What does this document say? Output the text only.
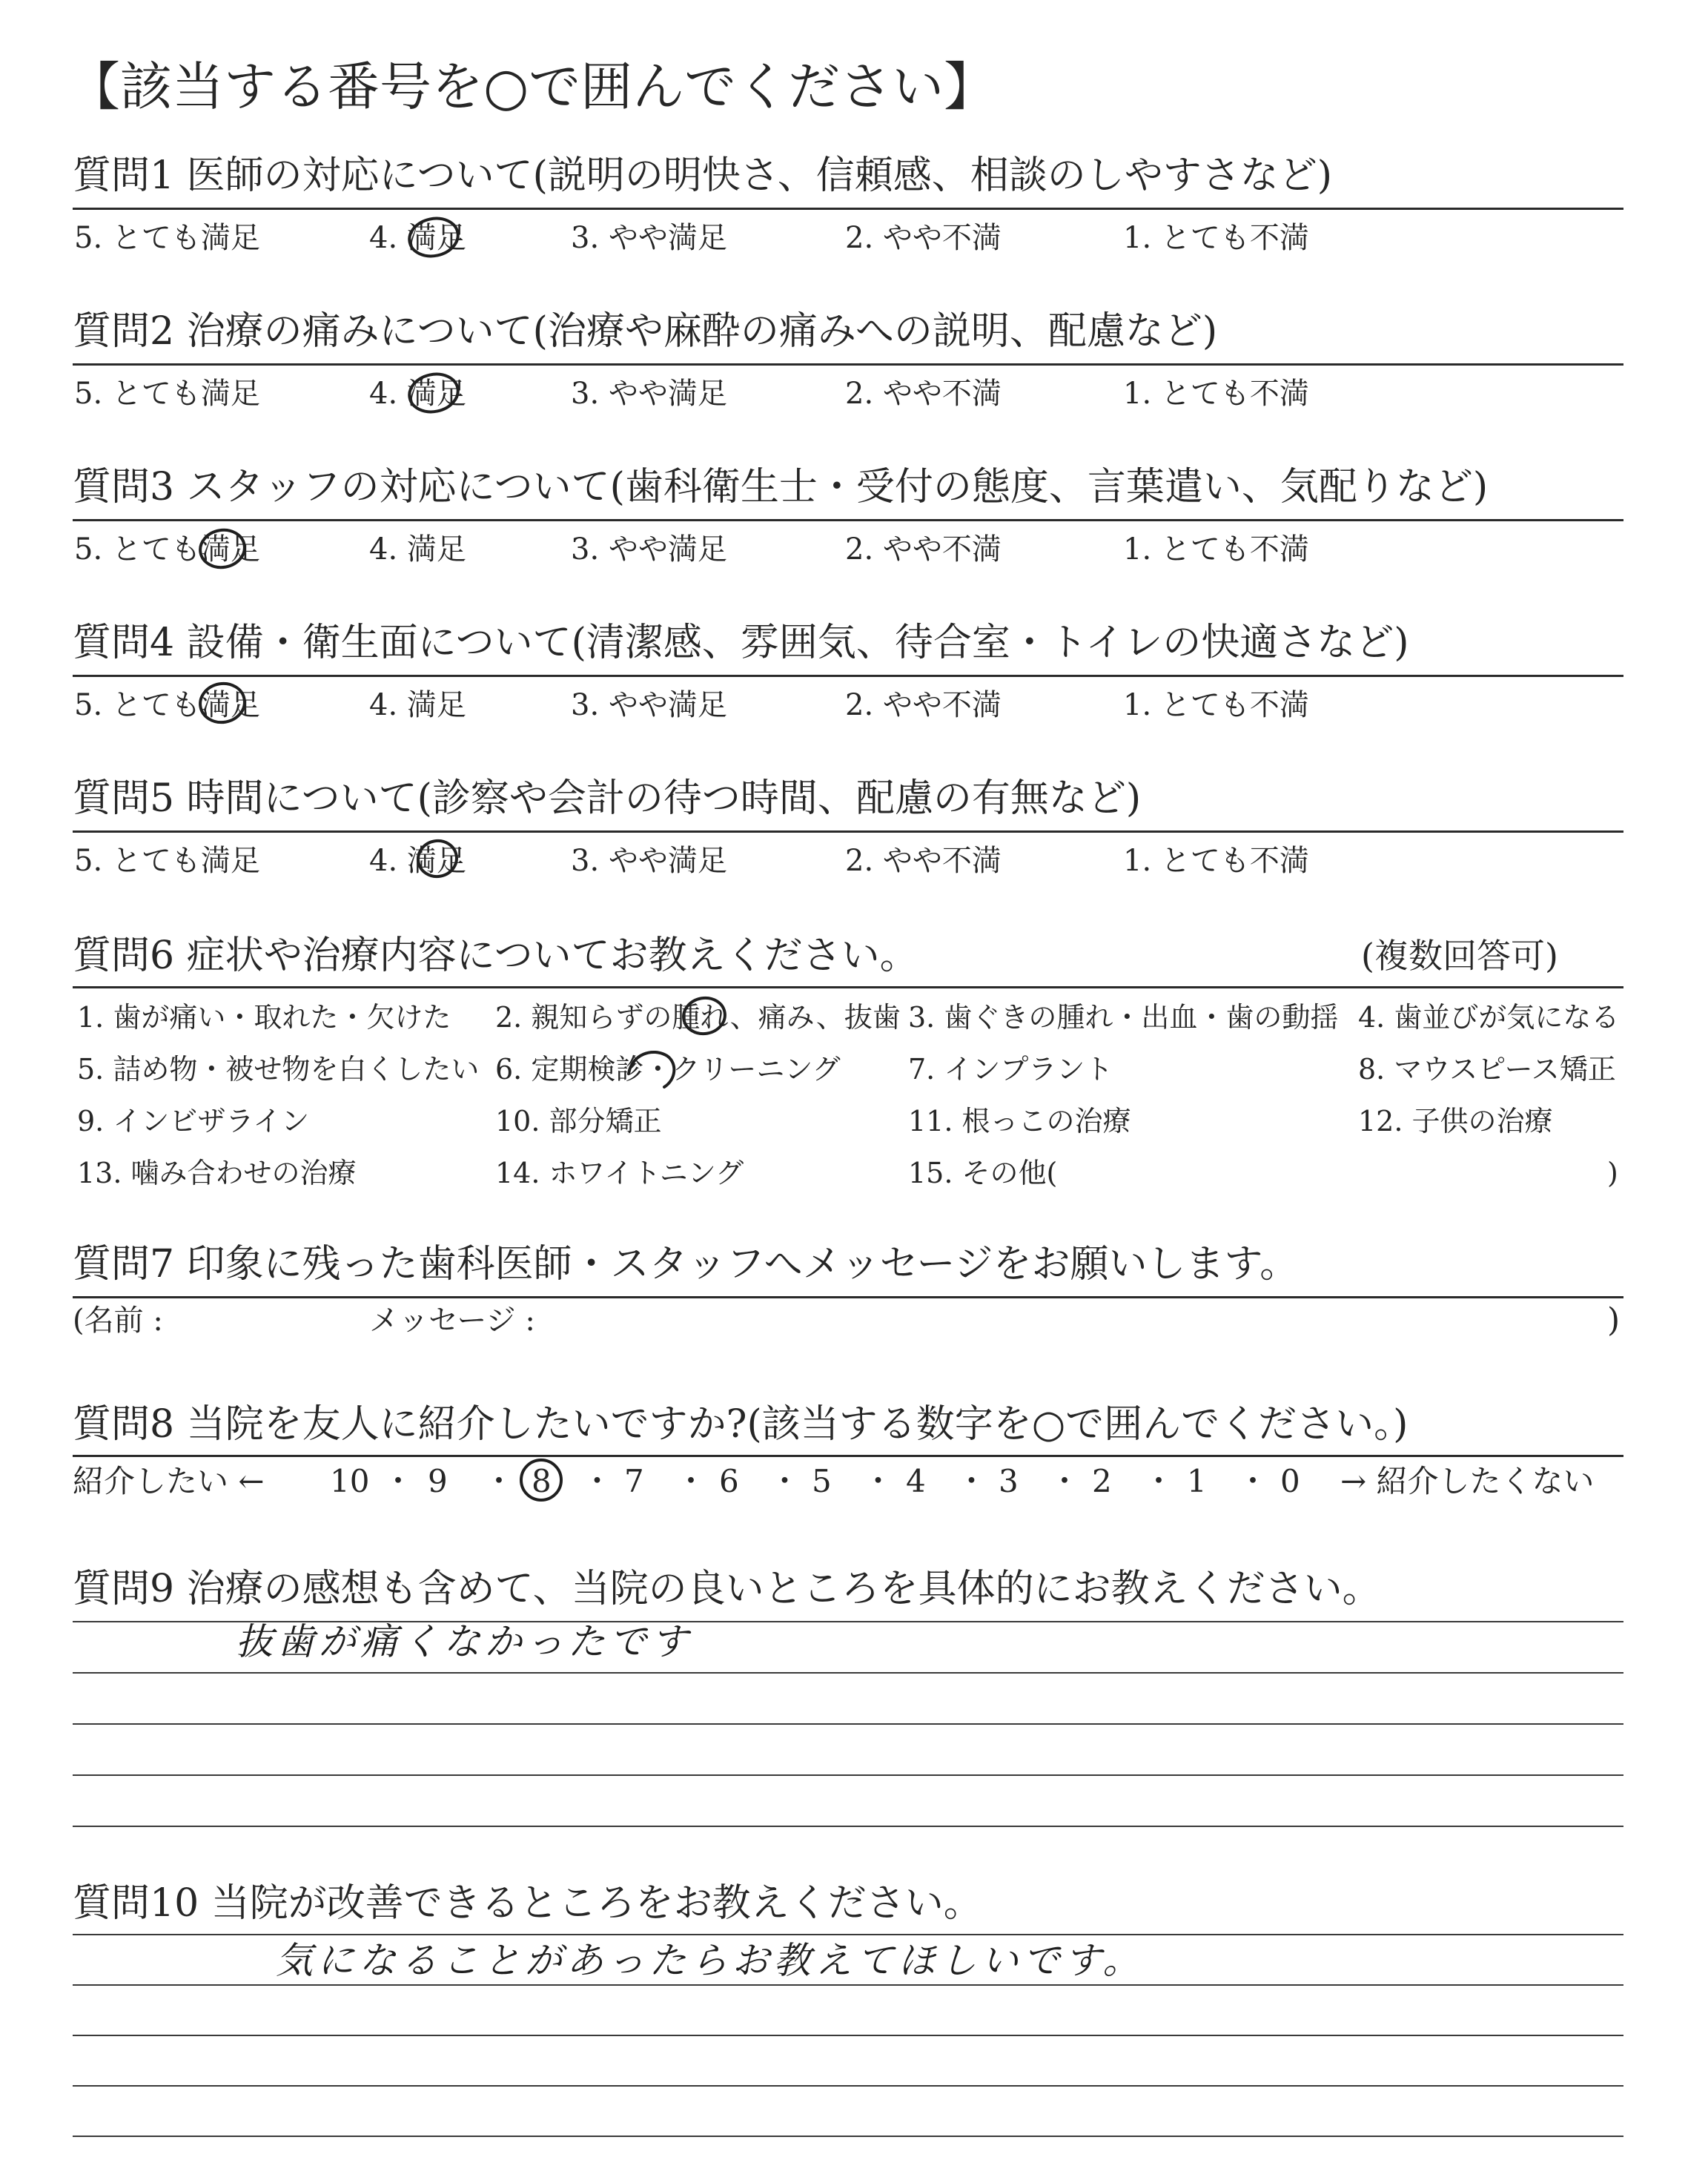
【該当する番号を○で囲んでください】
質問1 医師の対応について(説明の明快さ、信頼感、相談のしやすさなど)
5. とても満足	4. 満足	3. やや満足	2. やや不満	1. とても不満
質問2 治療の痛みについて(治療や麻酔の痛みへの説明、配慮など)
5. とても満足	4. 満足	3. やや満足	2. やや不満	1. とても不満
質問3 スタッフの対応について(歯科衛生士・受付の態度、言葉遣い、気配りなど)
5. とても満足	4. 満足	3. やや満足	2. やや不満	1. とても不満
質問4 設備・衛生面について(清潔感、雰囲気、待合室・トイレの快適さなど)
5. とても満足	4. 満足	3. やや満足	2. やや不満	1. とても不満
質問5 時間について(診察や会計の待つ時間、配慮の有無など)
5. とても満足	4. 満足	3. やや満足	2. やや不満	1. とても不満
質問6 症状や治療内容についてお教えください。	(複数回答可)
1. 歯が痛い・取れた・欠けた 2. 親知らずの腫れ、痛み、抜歯 3. 歯ぐきの腫れ・出血・歯の動揺 4. 歯並びが気になる
5. 詰め物・被せ物を白くしたい 6. 定期検診・クリーニング 7. インプラント	8. マウスピース矯正
9. インビザライン	10. 部分矯正	11. 根っこの治療	12. 子供の治療
13. 噛み合わせの治療	14. ホワイトニング	15. その他(	)
質問7 印象に残った歯科医師・スタッフへメッセージをお願いします。
(名前 :	メッセージ :	)
質問8 当院を友人に紹介したいですか?(該当する数字を○で囲んでください。)
紹介したい ←	→ 紹介したくない
10 ・ 9 ・ 8 ・ 7 ・ 6 ・ 5 ・ 4 ・ 3 ・ 2 ・ 1 ・ 0
質問9 治療の感想も含めて、当院の良いところを具体的にお教えください。
抜歯が痛くなかったです
質問10 当院が改善できるところをお教えください。
気になることがあったらお教えてほしいです。
